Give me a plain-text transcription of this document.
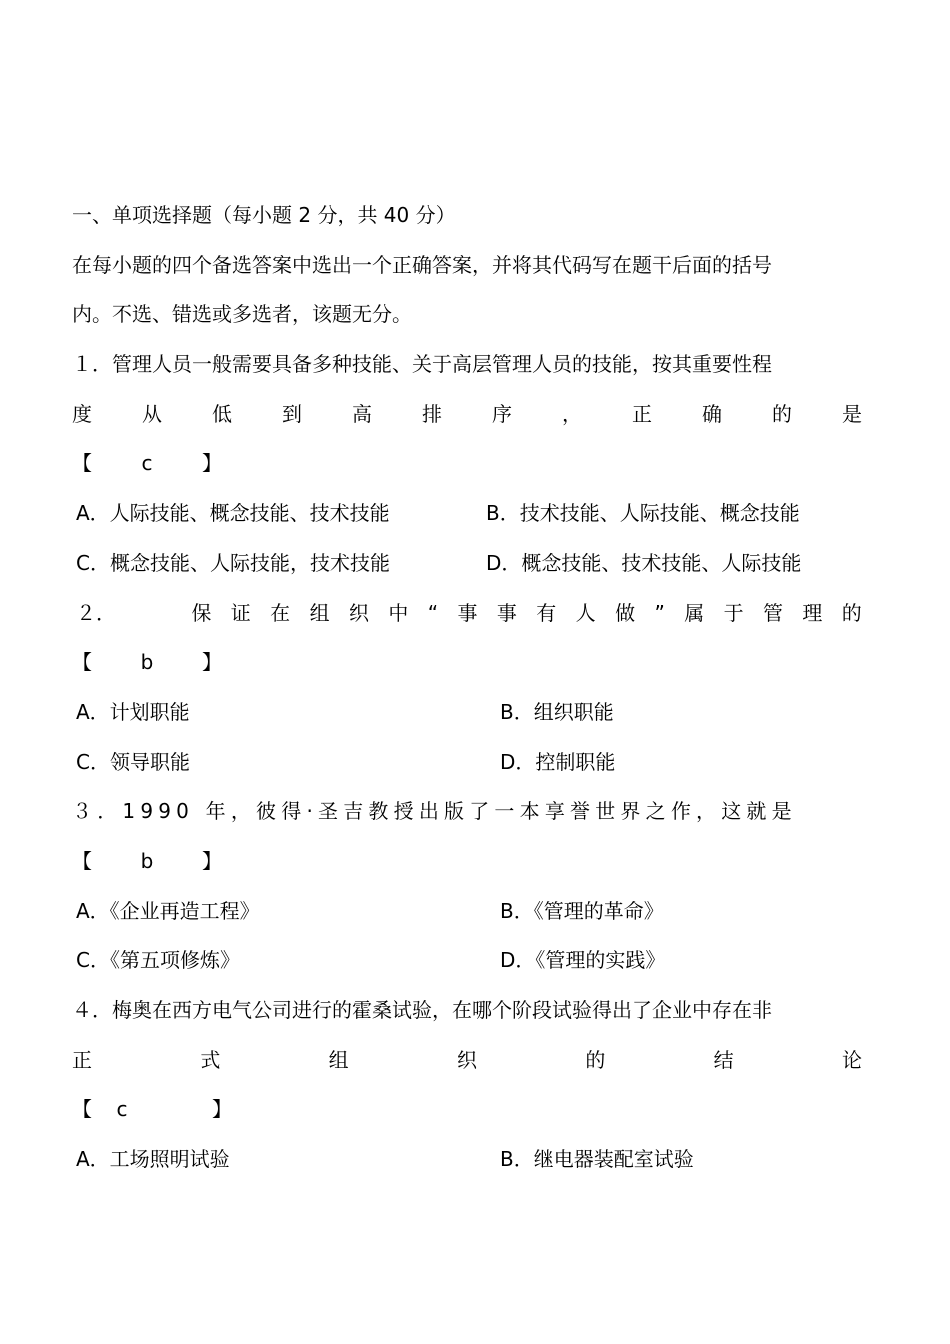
一、单项选择题（每小题 2 分，共 40 分）
在每小题的四个备选答案中选出一个正确答案，并将其代码写在题干后面的括号
内。不选、错选或多选者，该题无分。
１．管理人员一般需要具备多种技能、关于高层管理人员的技能，按其重要性程
度	从	低	到	高	排	序	，	正	确	的	是
【	c	】
A．人际技能、概念技能、技术技能	B．技术技能、人际技能、概念技能
C．概念技能、人际技能，技术技能	D．概念技能、技术技能、人际技能
２．	保 证 在 组 织 中 “ 事 事 有 人 做 ” 属 于 管 理 的
【	b	】
A．计划职能	B．组织职能
C．领导职能	D．控制职能
３．1990 年，彼得·圣吉教授出版了一本享誉世界之作，这就是
【	b	】
A．《企业再造工程》	B．《管理的革命》
C．《第五项修炼》	D．《管理的实践》
４．梅奥在西方电气公司进行的霍桑试验，在哪个阶段试验得出了企业中存在非
正	式	组	织	的	结	论
【	c	】
A．工场照明试验	B．继电器装配室试验
